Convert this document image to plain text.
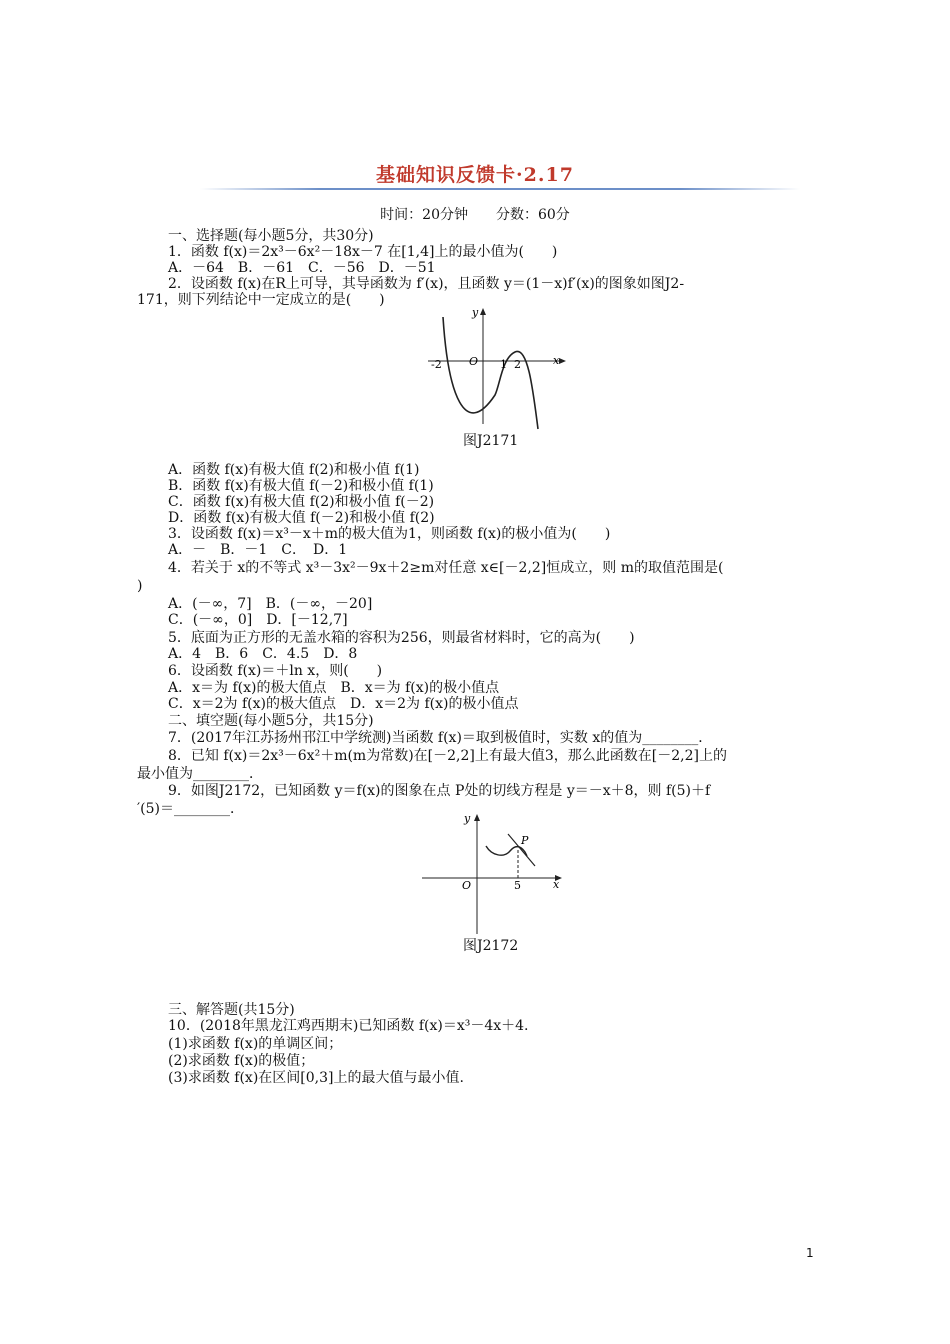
基础知识反馈卡·2.17
时间：20分钟　　分数：60分
一、选择题(每小题5分，共30分)
1．函数 f(x)＝2x³－6x²－18x－7 在[1,4]上的最小值为(　　)
A．－64　B．－61　C．－56　D．－51
2．设函数 f(x)在R上可导，其导函数为 f′(x)，且函数 y＝(1－x)f′(x)的图象如图J2-
171，则下列结论中一定成立的是(　　)
O
-2	1 2	x
y
图J2171
A．函数 f(x)有极大值 f(2)和极小值 f(1)
B．函数 f(x)有极大值 f(－2)和极小值 f(1)
C．函数 f(x)有极大值 f(2)和极小值 f(－2)
D．函数 f(x)有极大值 f(－2)和极小值 f(2)
3．设函数 f(x)＝x³－x＋m的极大值为1，则函数 f(x)的极小值为(　　)
A．－　B．－1　C．　D．1
4．若关于 x的不等式 x³－3x²－9x＋2≥m对任意 x∈[－2,2]恒成立，则 m的取值范围是(
)
A．(－∞，7]　B．(－∞，－20]
C．(－∞，0]　D．[－12,7]
5．底面为正方形的无盖水箱的容积为256，则最省材料时，它的高为(　　)
A．4　B．6　C．4.5　D．8
6．设函数 f(x)＝＋ln x，则(　　)
A．x＝为 f(x)的极大值点　B．x＝为 f(x)的极小值点
C．x＝2为 f(x)的极大值点　D．x＝2为 f(x)的极小值点
二、填空题(每小题5分，共15分)
7．(2017年江苏扬州邗江中学统测)当函数 f(x)＝取到极值时，实数 x的值为________．
8．已知 f(x)＝2x³－6x²＋m(m为常数)在[－2,2]上有最大值3，那么此函数在[－2,2]上的
最小值为________．
9．如图J2172，已知函数 y＝f(x)的图象在点 P处的切线方程是 y＝－x＋8，则 f(5)＋f
′(5)＝________．
O	5
P
x
y
图J2172
三、解答题(共15分)
10．(2018年黑龙江鸡西期末)已知函数 f(x)＝x³－4x＋4.
(1)求函数 f(x)的单调区间；
(2)求函数 f(x)的极值；
(3)求函数 f(x)在区间[0,3]上的最大值与最小值.
1
